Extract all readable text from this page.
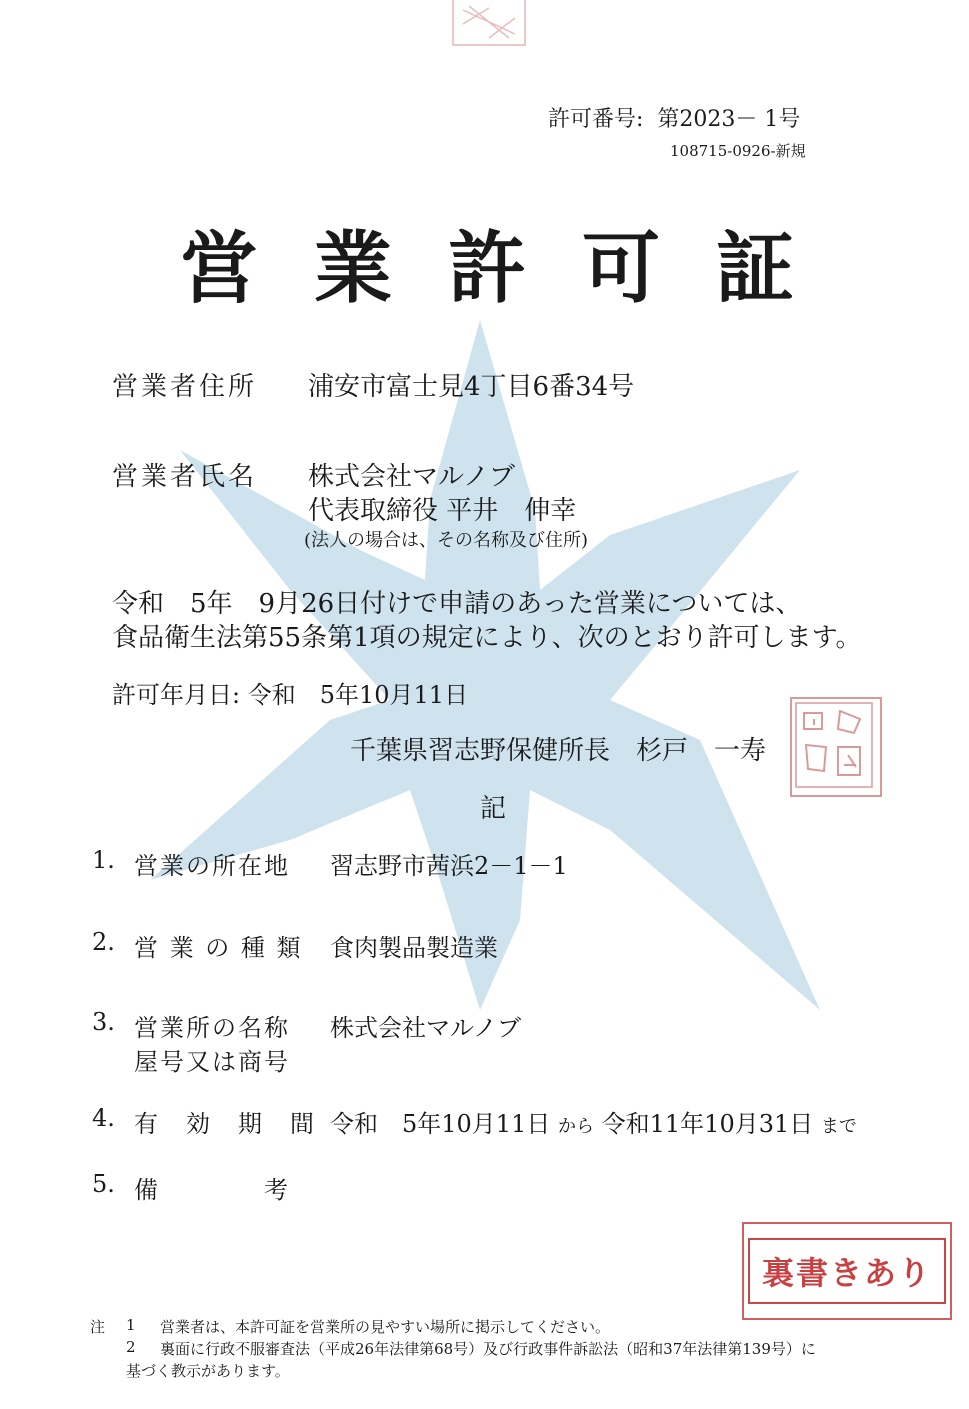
許可番号: 第2023－ 1号
108715-0926-新規
営業許可証
営業者住所 浦安市富士見4丁目6番34号
営業者氏名 株式会社マルノブ
代表取締役 平井　伸幸
(法人の場合は、その名称及び住所)
令和　5年　9月26日付けで申請のあった営業については、
食品衛生法第55条第1項の規定により、次のとおり許可します。
許可年月日: 令和　5年10月11日
千葉県習志野保健所長　杉戸　一寿
記
1. 営業の所在地 習志野市茜浜2－1－1
2. 営 業 の 種 類 食肉製品製造業
3. 営業所の名称
屋号又は商号
株式会社マルノブ
4. 有　効　期　間 令和　5年10月11日 から 令和11年10月31日 まで
5. 備　　　　考
裏書きあり
注 1 営業者は、本許可証を営業所の見やすい場所に掲示してください。
2 裏面に行政不服審査法（平成26年法律第68号）及び行政事件訴訟法（昭和37年法律第139号）に
基づく教示があります。
